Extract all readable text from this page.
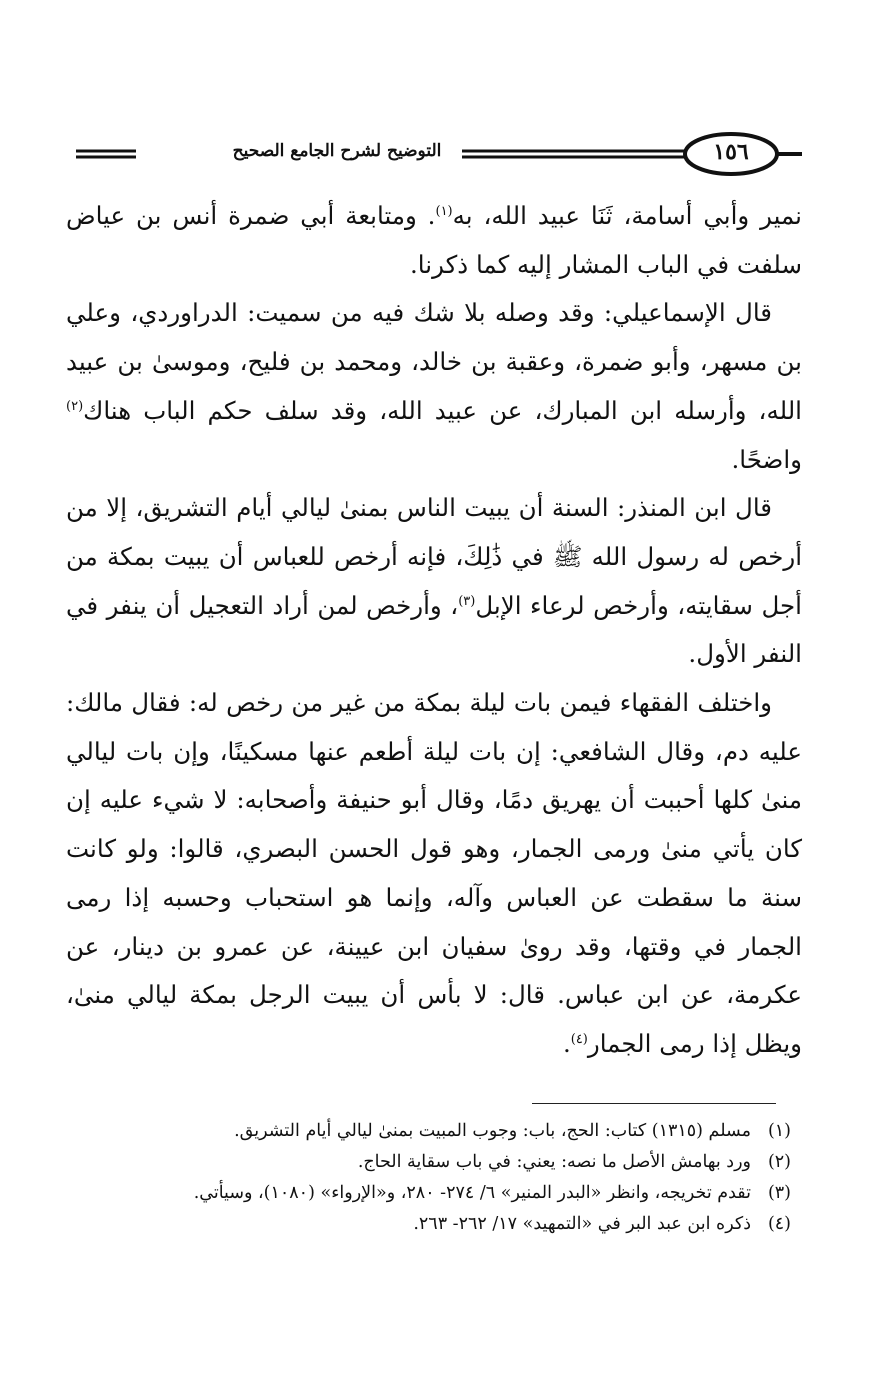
التوضيح لشرح الجامع الصحيح	١٥٦

نمير وأبي أسامة، ثَنَا عبيد الله، به$^{(١)}$. ومتابعة أبي ضمرة أنس بن عياض سلفت في الباب المشار إليه كما ذكرنا.

قال الإسماعيلي: وقد وصله بلا شك فيه من سميت: الدراوردي، وعلي بن مسهر، وأبو ضمرة، وعقبة بن خالد، ومحمد بن فليح، وموسىٰ بن عبيد الله، وأرسله ابن المبارك، عن عبيد الله، وقد سلف حكم الباب هناك$^{(٢)}$ واضحًا.

قال ابن المنذر: السنة أن يبيت الناس بمنىٰ ليالي أيام التشريق، إلا من أرخص له رسول الله ﷺ في ذَٰلِكَ، فإنه أرخص للعباس أن يبيت بمكة من أجل سقايته، وأرخص لرعاء الإبل$^{(٣)}$، وأرخص لمن أراد التعجيل أن ينفر في النفر الأول.

واختلف الفقهاء فيمن بات ليلة بمكة من غير من رخص له: فقال مالك: عليه دم، وقال الشافعي: إن بات ليلة أطعم عنها مسكينًا، وإن بات ليالي منىٰ كلها أحببت أن يهريق دمًا، وقال أبو حنيفة وأصحابه: لا شيء عليه إن كان يأتي منىٰ ورمى الجمار، وهو قول الحسن البصري، قالوا: ولو كانت سنة ما سقطت عن العباس وآله، وإنما هو استحباب وحسبه إذا رمى الجمار في وقتها، وقد روىٰ سفيان ابن عيينة، عن عمرو بن دينار، عن عكرمة، عن ابن عباس. قال: لا بأس أن يبيت الرجل بمكة ليالي منىٰ، ويظل إذا رمى الجمار$^{(٤)}$.

(١)
مسلم (١٣١٥) كتاب: الحج، باب: وجوب المبيت بمنىٰ ليالي أيام التشريق.
(٢)
ورد بهامش الأصل ما نصه: يعني: في باب سقاية الحاج.
(٣)
تقدم تخريجه، وانظر «البدر المنير» ٦/ ٢٧٤- ٢٨٠، و«الإرواء» (١٠٨٠)، وسيأتي.
(٤)
ذكره ابن عبد البر في «التمهيد» ١٧/ ٢٦٢- ٢٦٣.
